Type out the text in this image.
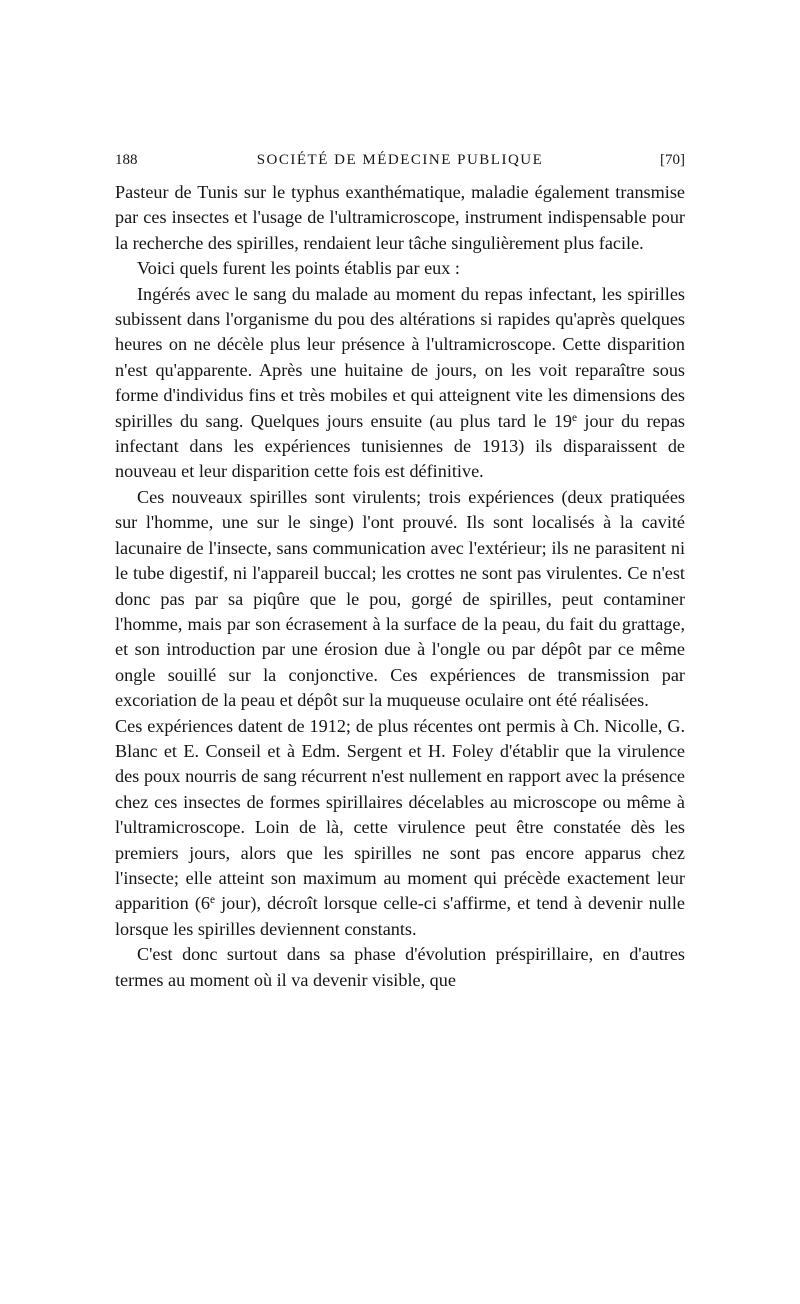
188	SOCIÉTÉ DE MÉDECINE PUBLIQUE	[70]

Pasteur de Tunis sur le typhus exanthématique, maladie également transmise par ces insectes et l'usage de l'ultramicroscope, instrument indispensable pour la recherche des spirilles, rendaient leur tâche singulièrement plus facile.

Voici quels furent les points établis par eux :

Ingérés avec le sang du malade au moment du repas infectant, les spirilles subissent dans l'organisme du pou des altérations si rapides qu'après quelques heures on ne décèle plus leur présence à l'ultramicroscope. Cette disparition n'est qu'apparente. Après une huitaine de jours, on les voit reparaître sous forme d'individus fins et très mobiles et qui atteignent vite les dimensions des spirilles du sang. Quelques jours ensuite (au plus tard le 19e jour du repas infectant dans les expériences tunisiennes de 1913) ils disparaissent de nouveau et leur disparition cette fois est définitive.

Ces nouveaux spirilles sont virulents; trois expériences (deux pratiquées sur l'homme, une sur le singe) l'ont prouvé. Ils sont localisés à la cavité lacunaire de l'insecte, sans communication avec l'extérieur; ils ne parasitent ni le tube digestif, ni l'appareil buccal; les crottes ne sont pas virulentes. Ce n'est donc pas par sa piqûre que le pou, gorgé de spirilles, peut contaminer l'homme, mais par son écrasement à la surface de la peau, du fait du grattage, et son introduction par une érosion due à l'ongle ou par dépôt par ce même ongle souillé sur la conjonctive. Ces expériences de transmission par excoriation de la peau et dépôt sur la muqueuse oculaire ont été réalisées.

Ces expériences datent de 1912; de plus récentes ont permis à Ch. Nicolle, G. Blanc et E. Conseil et à Edm. Sergent et H. Foley d'établir que la virulence des poux nourris de sang récurrent n'est nullement en rapport avec la présence chez ces insectes de formes spirillaires décelables au microscope ou même à l'ultramicroscope. Loin de là, cette virulence peut être constatée dès les premiers jours, alors que les spirilles ne sont pas encore apparus chez l'insecte; elle atteint son maximum au moment qui précède exactement leur apparition (6e jour), décroît lorsque celle-ci s'affirme, et tend à devenir nulle lorsque les spirilles deviennent constants.

C'est donc surtout dans sa phase d'évolution préspirillaire, en d'autres termes au moment où il va devenir visible, que
